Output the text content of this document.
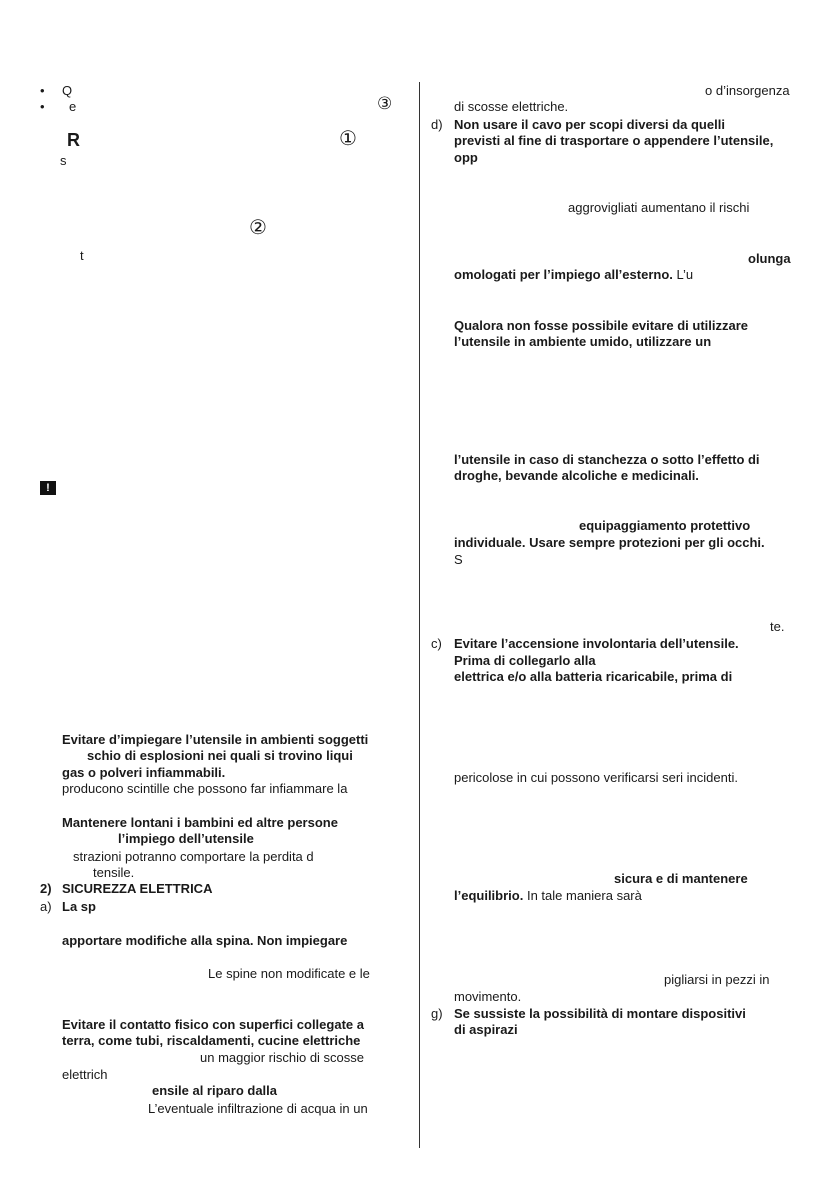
• Q
• e	③
R	①
s
②
t
!
Evitare d’impiegare l’utensile in ambienti soggetti
schio di esplosioni nei quali si trovino liqui
gas o polveri infiammabili.
producono scintille che possono far infiammare la
Mantenere lontani i bambini ed altre persone
l’impiego dell’utensile
strazioni potranno comportare la perdita d
tensile.
2) SICUREZZA ELETTRICA
a) La sp
apportare modifiche alla spina. Non impiegare
Le spine non modificate e le
Evitare il contatto fisico con superfici collegate a
terra, come tubi, riscaldamenti, cucine elettriche
un maggior rischio di scosse
elettrich
ensile al riparo dalla
L’eventuale infiltrazione di acqua in un
o d’insorgenza
di scosse elettriche.
d) Non usare il cavo per scopi diversi da quelli
previsti al fine di trasportare o appendere l’utensile,
opp
aggrovigliati aumentano il rischi
olunga
omologati per l’impiego all’esterno. L’u
Qualora non fosse possibile evitare di utilizzare
l’utensile in ambiente umido, utilizzare un
l’utensile in caso di stanchezza o sotto l’effetto di
droghe, bevande alcoliche e medicinali.
equipaggiamento protettivo
individuale. Usare sempre protezioni per gli occhi.
S
te.
c) Evitare l’accensione involontaria dell’utensile.
Prima di collegarlo alla
elettrica e/o alla batteria ricaricabile, prima di
pericolose in cui possono verificarsi seri incidenti.
sicura e di mantenere
l’equilibrio. In tale maniera sarà
pigliarsi in pezzi in
movimento.
g) Se sussiste la possibilità di montare dispositivi
di aspirazi
